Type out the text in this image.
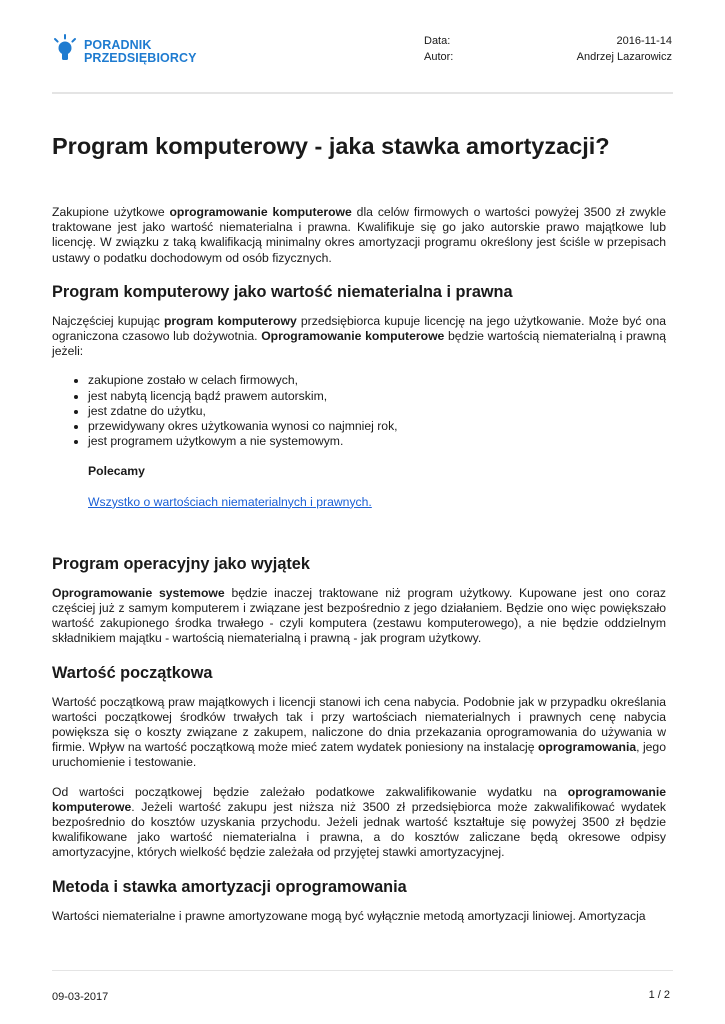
PORADNIK
PRZEDSIĘBIORCY
Data:	2016-11-14
Autor:	Andrzej Lazarowicz
Program komputerowy - jaka stawka amortyzacji?

Zakupione użytkowe oprogramowanie komputerowe dla celów firmowych o wartości powyżej 3500 zł zwykle traktowane jest jako wartość niematerialna i prawna. Kwalifikuje się go jako autorskie prawo majątkowe lub licencję. W związku z taką kwalifikacją minimalny okres amortyzacji programu określony jest ściśle w przepisach ustawy o podatku dochodowym od osób fizycznych.

Program komputerowy jako wartość niematerialna i prawna

Najczęściej kupując program komputerowy przedsiębiorca kupuje licencję na jego użytkowanie. Może być ona ograniczona czasowo lub dożywotnia. Oprogramowanie komputerowe będzie wartością niematerialną i prawną jeżeli:

• zakupione zostało w celach firmowych,
• jest nabytą licencją bądź prawem autorskim,
• jest zdatne do użytku,
• przewidywany okres użytkowania wynosi co najmniej rok,
• jest programem użytkowym a nie systemowym.
Polecamy
Wszystko o wartościach niematerialnych i prawnych.
Program operacyjny jako wyjątek

Oprogramowanie systemowe będzie inaczej traktowane niż program użytkowy. Kupowane jest ono coraz częściej już z samym komputerem i związane jest bezpośrednio z jego działaniem. Będzie ono więc powiększało wartość zakupionego środka trwałego - czyli komputera (zestawu komputerowego), a nie będzie oddzielnym składnikiem majątku - wartością niematerialną i prawną - jak program użytkowy.

Wartość początkowa

Wartość początkową praw majątkowych i licencji stanowi ich cena nabycia. Podobnie jak w przypadku określania wartości początkowej środków trwałych tak i przy wartościach niematerialnych i prawnych cenę nabycia powiększa się o koszty związane z zakupem, naliczone do dnia przekazania oprogramowania do używania w firmie. Wpływ na wartość początkową może mieć zatem wydatek poniesiony na instalację oprogramowania, jego uruchomienie i testowanie.

Od wartości początkowej będzie zależało podatkowe zakwalifikowanie wydatku na oprogramowanie komputerowe. Jeżeli wartość zakupu jest niższa niż 3500 zł przedsiębiorca może zakwalifikować wydatek bezpośrednio do kosztów uzyskania przychodu. Jeżeli jednak wartość kształtuje się powyżej 3500 zł będzie kwalifikowane jako wartość niematerialna i prawna, a do kosztów zaliczane będą okresowe odpisy amortyzacyjne, których wielkość będzie zależała od przyjętej stawki amortyzacyjnej.

Metoda i stawka amortyzacji oprogramowania

Wartości niematerialne i prawne amortyzowane mogą być wyłącznie metodą amortyzacji liniowej. Amortyzacja

09-03-2017	1 / 2
